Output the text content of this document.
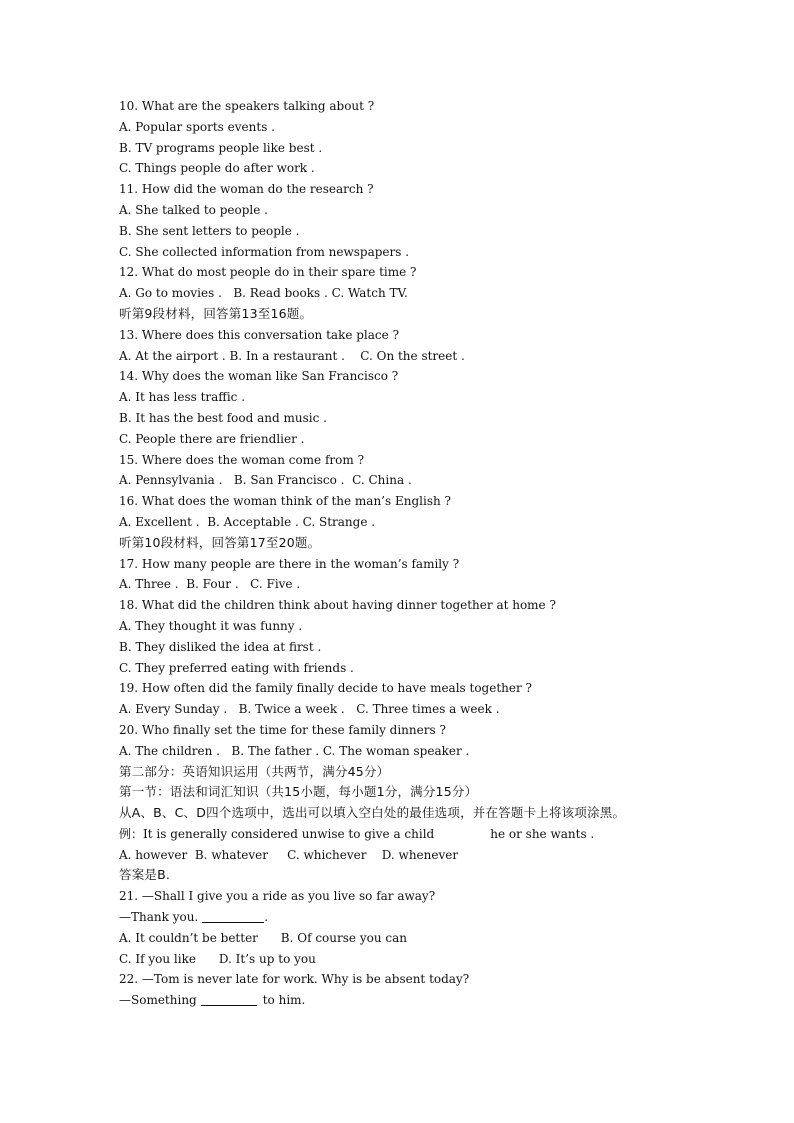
10. What are the speakers talking about ?
A. Popular sports events .
B. TV programs people like best .
C. Things people do after work .
11. How did the woman do the research ?
A. She talked to people .
B. She sent letters to people .
C. She collected information from newspapers .
12. What do most people do in their spare time ?
A. Go to movies .   B. Read books . C. Watch TV.
听第9段材料，回答第13至16题。
13. Where does this conversation take place ?
A. At the airport . B. In a restaurant .    C. On the street .
14. Why does the woman like San Francisco ?
A. It has less traffic .
B. It has the best food and music .
C. People there are friendlier .
15. Where does the woman come from ?
A. Pennsylvania .   B. San Francisco .  C. China .
16. What does the woman think of the man’s English ?
A. Excellent .  B. Acceptable . C. Strange .
听第10段材料，回答第17至20题。
17. How many people are there in the woman’s family ?
A. Three .  B. Four .   C. Five .
18. What did the children think about having dinner together at home ?
A. They thought it was funny .
B. They disliked the idea at first .
C. They preferred eating with friends .
19. How often did the family finally decide to have meals together ?
A. Every Sunday .   B. Twice a week .   C. Three times a week .
20. Who finally set the time for these family dinners ?
A. The children .   B. The father . C. The woman speaker .
第二部分：英语知识运用（共两节，满分45分）
第一节：语法和词汇知识（共15小题，每小题1分，满分15分）
从A、B、C、D四个选项中，选出可以填入空白处的最佳选项，并在答题卡上将该项涂黑。
例：It is generally considered unwise to give a child	he or she wants .
A. however  B. whatever     C. whichever    D. whenever
答案是B.
21. —Shall I give you a ride as you live so far away?
—Thank you.	.
A. It couldn’t be better      B. Of course you can
C. If you like      D. It’s up to you
22. —Tom is never late for work. Why is be absent today?
—Something	to him.
